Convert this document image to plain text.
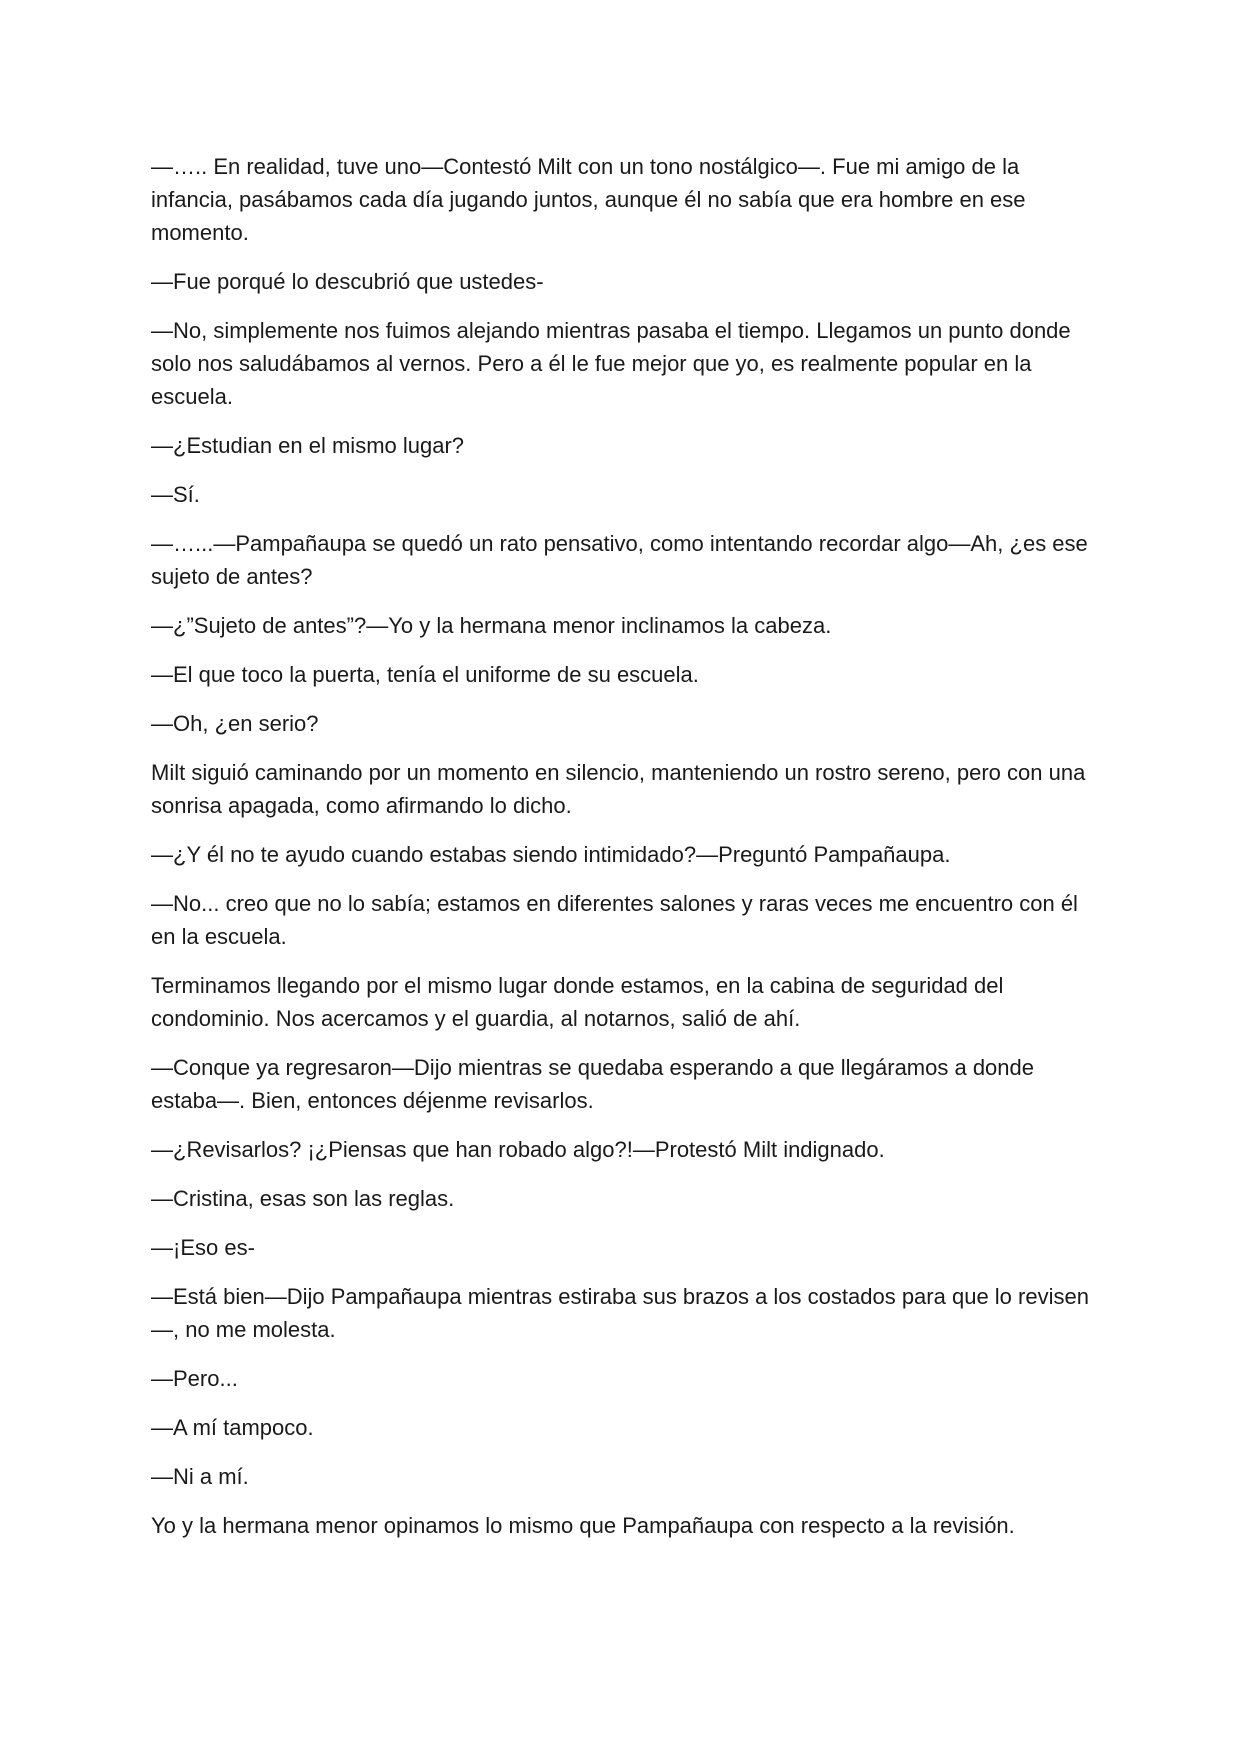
—….. En realidad, tuve uno—Contestó Milt con un tono nostálgico—. Fue mi amigo de la infancia, pasábamos cada día jugando juntos, aunque él no sabía que era hombre en ese momento.

—Fue porqué lo descubrió que ustedes-

—No, simplemente nos fuimos alejando mientras pasaba el tiempo. Llegamos un punto donde solo nos saludábamos al vernos. Pero a él le fue mejor que yo, es realmente popular en la escuela.

—¿Estudian en el mismo lugar?

—Sí.

—…...—Pampañaupa se quedó un rato pensativo, como intentando recordar algo—Ah, ¿es ese sujeto de antes?

—¿”Sujeto de antes”?—Yo y la hermana menor inclinamos la cabeza.

—El que toco la puerta, tenía el uniforme de su escuela.

—Oh, ¿en serio?

Milt siguió caminando por un momento en silencio, manteniendo un rostro sereno, pero con una sonrisa apagada, como afirmando lo dicho.

—¿Y él no te ayudo cuando estabas siendo intimidado?—Preguntó Pampañaupa.

—No... creo que no lo sabía; estamos en diferentes salones y raras veces me encuentro con él en la escuela.

Terminamos llegando por el mismo lugar donde estamos, en la cabina de seguridad del condominio. Nos acercamos y el guardia, al notarnos, salió de ahí.

—Conque ya regresaron—Dijo mientras se quedaba esperando a que llegáramos a donde estaba—. Bien, entonces déjenme revisarlos.

—¿Revisarlos? ¡¿Piensas que han robado algo?!—Protestó Milt indignado.

—Cristina, esas son las reglas.

—¡Eso es-

—Está bien—Dijo Pampañaupa mientras estiraba sus brazos a los costados para que lo revisen—, no me molesta.

—Pero...

—A mí tampoco.

—Ni a mí.

Yo y la hermana menor opinamos lo mismo que Pampañaupa con respecto a la revisión.
